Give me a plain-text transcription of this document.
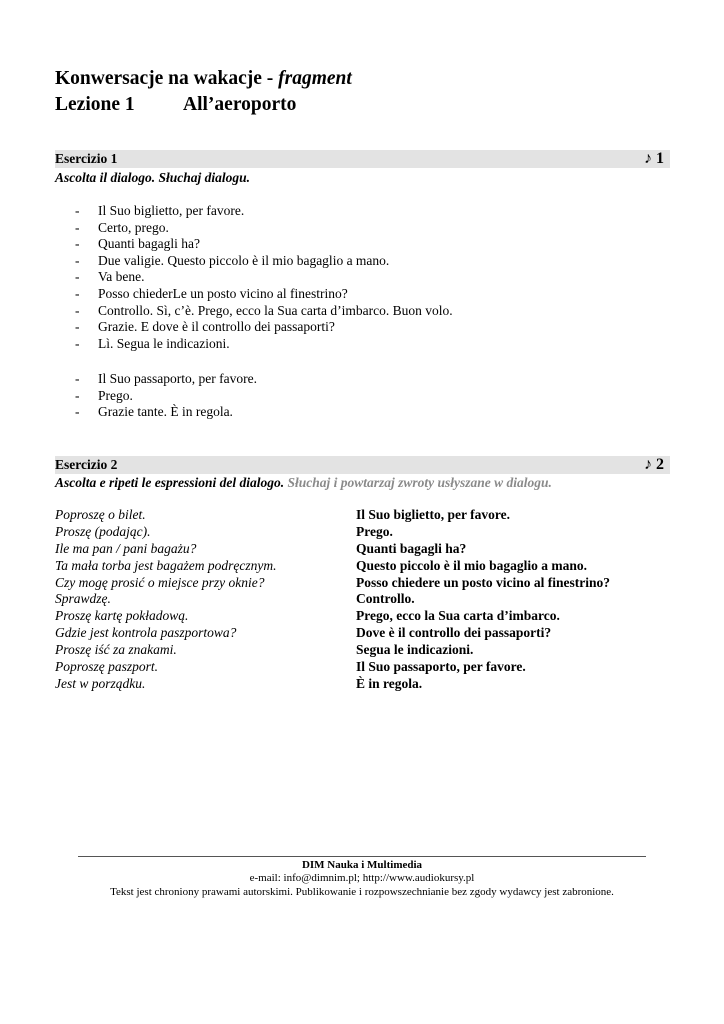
Konwersacje na wakacje - fragment
Lezione 1 All’aeroporto
Esercizio 1	♪ 1
Ascolta il dialogo. Słuchaj dialogu.
- Il Suo biglietto, per favore.
- Certo, prego.
- Quanti bagagli ha?
- Due valigie. Questo piccolo è il mio bagaglio a mano.
- Va bene.
- Posso chiederLe un posto vicino al finestrino?
- Controllo. Sì, c’è. Prego, ecco la Sua carta d’imbarco. Buon volo.
- Grazie. E dove è il controllo dei passaporti?
- Lì. Segua le indicazioni.
- Il Suo passaporto, per favore.
- Prego.
- Grazie tante. È in regola.
Esercizio 2	♪ 2
Ascolta e ripeti le espressioni del dialogo. Słuchaj i powtarzaj zwroty usłyszane w dialogu.
Poproszę o bilet.
Proszę (podając).
Ile ma pan / pani bagażu?
Ta mała torba jest bagażem podręcznym.
Czy mogę prosić o miejsce przy oknie?
Sprawdzę.
Proszę kartę pokładową.
Gdzie jest kontrola paszportowa?
Proszę iść za znakami.
Poproszę paszport.
Jest w porządku.
Il Suo biglietto, per favore.
Prego.
Quanti bagagli ha?
Questo piccolo è il mio bagaglio a mano.
Posso chiedere un posto vicino al finestrino?
Controllo.
Prego, ecco la Sua carta d’imbarco.
Dove è il controllo dei passaporti?
Segua le indicazioni.
Il Suo passaporto, per favore.
È in regola.
DIM Nauka i Multimedia
e-mail: info@dimnim.pl; http://www.audiokursy.pl
Tekst jest chroniony prawami autorskimi. Publikowanie i rozpowszechnianie bez zgody wydawcy jest zabronione.
